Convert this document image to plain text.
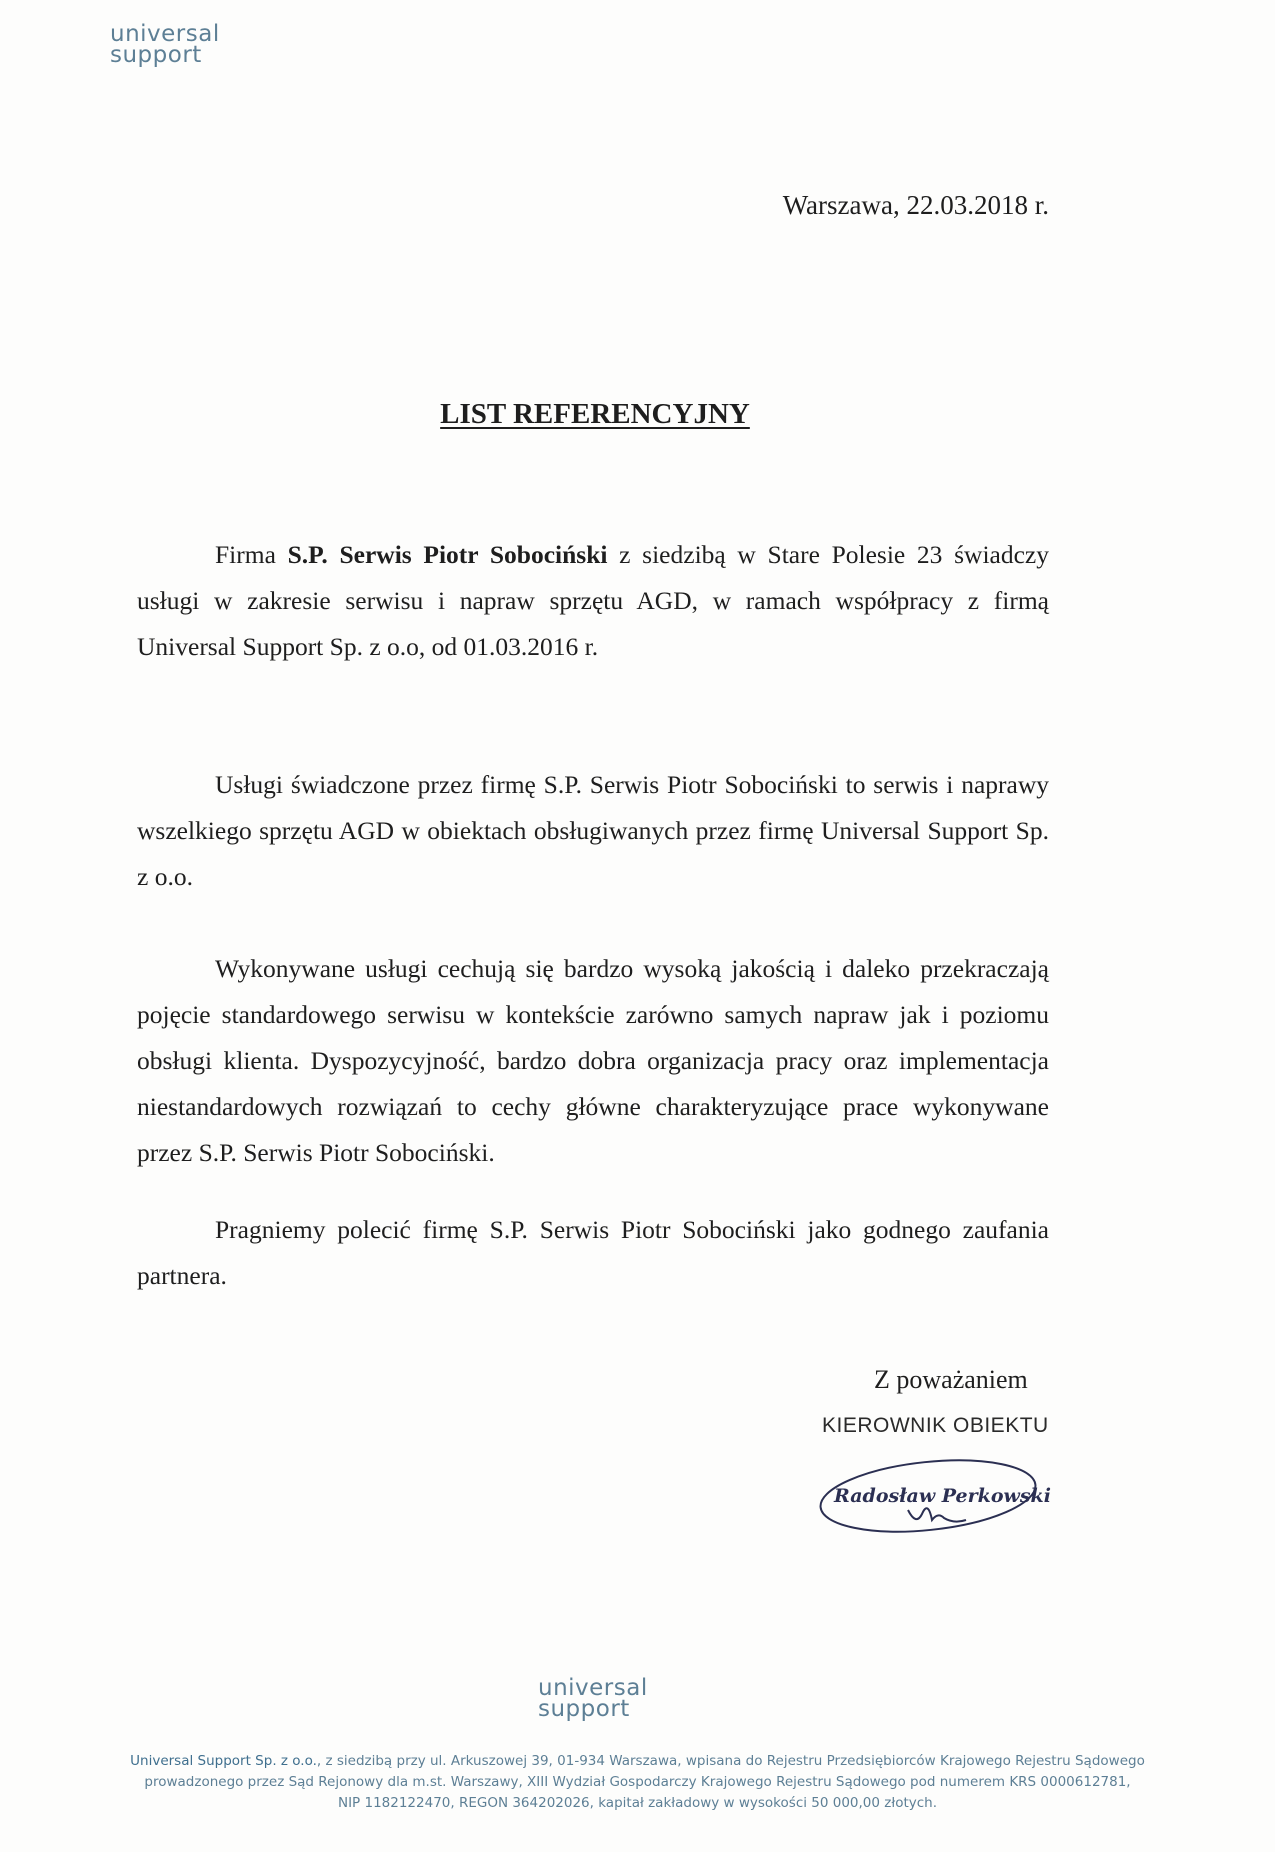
universal
support
Warszawa, 22.03.2018 r.
LIST REFERENCYJNY

Firma S.P. Serwis Piotr Sobociński z siedzibą w Stare Polesie 23 świadczy usługi w zakresie serwisu i napraw sprzętu AGD, w ramach współpracy z firmą Universal Support Sp. z o.o, od 01.03.2016 r.

Usługi świadczone przez firmę S.P. Serwis Piotr Sobociński to serwis i naprawy wszelkiego sprzętu AGD w obiektach obsługiwanych przez firmę Universal Support Sp. z o.o.

Wykonywane usługi cechują się bardzo wysoką jakością i daleko przekraczają pojęcie standardowego serwisu w kontekście zarówno samych napraw jak i poziomu obsługi klienta. Dyspozycyjność, bardzo dobra organizacja pracy oraz implementacja niestandardowych rozwiązań to cechy główne charakteryzujące prace wykonywane przez S.P. Serwis Piotr Sobociński.

Pragniemy polecić firmę S.P. Serwis Piotr Sobociński jako godnego zaufania partnera.

Z poważaniem
KIEROWNIK OBIEKTU
Radosław Perkowski
universal
support
Universal Support Sp. z o.o., z siedzibą przy ul. Arkuszowej 39, 01-934 Warszawa, wpisana do Rejestru Przedsiębiorców Krajowego Rejestru Sądowego
prowadzonego przez Sąd Rejonowy dla m.st. Warszawy, XIII Wydział Gospodarczy Krajowego Rejestru Sądowego pod numerem KRS 0000612781,
NIP 1182122470, REGON 364202026, kapitał zakładowy w wysokości 50 000,00 złotych.
